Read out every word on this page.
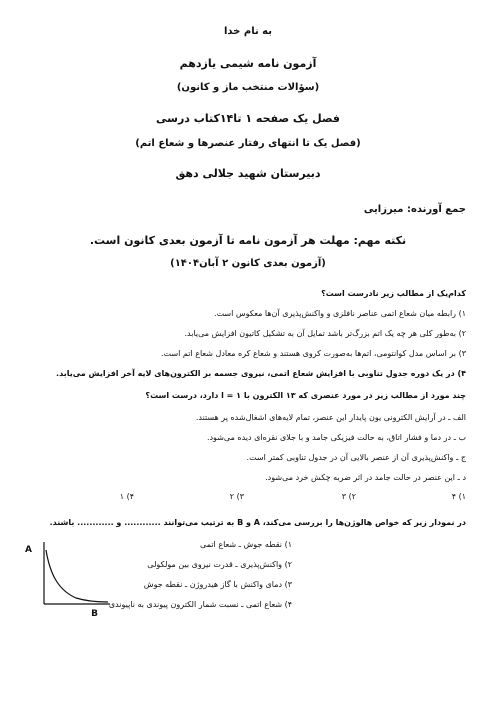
به نام خدا
آزمون نامه شیمی یازدهم
(سؤالات منتخب ماز و کانون)
فصل یک صفحه ۱ تا۱۴کتاب درسی
(فصل یک تا انتهای رفتار عنصرها و شعاع اتم)
دبیرستان شهید جلالی دهق
جمع آورنده: میرزایی
نکته مهم: مهلت هر آزمون نامه تا آزمون بعدی کانون است.
(آزمون بعدی کانون ۲ آبان۱۴۰۴)
کدام‌یک از مطالب زیر نادرست است؟
۱) رابطه میان شعاع اتمی عناصر نافلزی و واکنش‌پذیری آن‌ها معکوس است.
۲) به‌طور کلی هر چه یک اتم بزرگ‌تر باشد تمایل آن به تشکیل کاتیون افزایش می‌یابد.
۳) بر اساس مدل کوانتومی، اتم‌ها به‌صورت کروی هستند و شعاع کره معادل شعاع اتم است.
۴) در یک دوره جدول تناوبی با افزایش شعاع اتمی، نیروی جسمه بر الکترون‌های لایه آخر افزایش می‌یابد.
چند مورد از مطالب زیر در مورد عنصری که ۱۳ الکترون با l = ۱ دارد، درست است؟
الف ـ در آرایش الکترونی یون پایدار این عنصر، تمام لایه‌های اشغال‌شده پر هستند.
ب ـ در دما و فشار اتاق، به حالت فیزیکی جامد و با جلای نقره‌ای دیده می‌شود.
ج ـ واکنش‌پذیری آن از عنصر بالایی آن در جدول تناوبی کمتر است.
د ـ این عنصر در حالت جامد در اثر ضربه چکش خرد می‌شود.
۱) ۴
۲) ۳
۳) ۲
۴) ۱
در نمودار زیر که خواص هالوژن‌ها را بررسی می‌کند، A و B به ترتیب می‌توانند ............ و ............ باشند.
۱) نقطه جوش ـ شعاع اتمی
۲) واکنش‌پذیری ـ قدرت نیروی بین مولکولی
۳) دمای واکنش با گاز هیدروژن ـ نقطه جوش
۴) شعاع اتمی ـ نسبت شمار الکترون پیوندی به ناپیوندی
A
B
